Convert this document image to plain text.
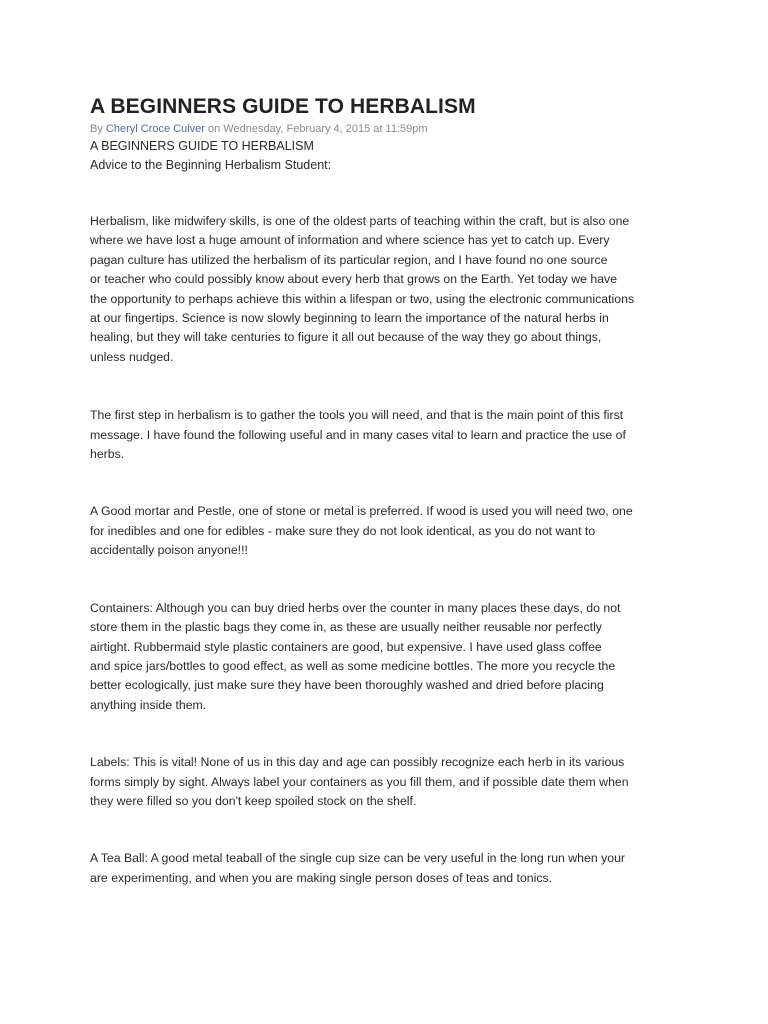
A BEGINNERS GUIDE TO HERBALISM
By Cheryl Croce Culver on Wednesday, February 4, 2015 at 11:59pm
A BEGINNERS GUIDE TO HERBALISM
Advice to the Beginning Herbalism Student:

Herbalism, like midwifery skills, is one of the oldest parts of teaching within the craft, but is also one
where we have lost a huge amount of information and where science has yet to catch up. Every
pagan culture has utilized the herbalism of its particular region, and I have found no one source
or teacher who could possibly know about every herb that grows on the Earth. Yet today we have
the opportunity to perhaps achieve this within a lifespan or two, using the electronic communications
at our fingertips. Science is now slowly beginning to learn the importance of the natural herbs in
healing, but they will take centuries to figure it all out because of the way they go about things,
unless nudged.

The first step in herbalism is to gather the tools you will need, and that is the main point of this first
message. I have found the following useful and in many cases vital to learn and practice the use of
herbs.

A Good mortar and Pestle, one of stone or metal is preferred. If wood is used you will need two, one
for inedibles and one for edibles - make sure they do not look identical, as you do not want to
accidentally poison anyone!!!

Containers: Although you can buy dried herbs over the counter in many places these days, do not
store them in the plastic bags they come in, as these are usually neither reusable nor perfectly
airtight. Rubbermaid style plastic containers are good, but expensive. I have used glass coffee
and spice jars/bottles to good effect, as well as some medicine bottles. The more you recycle the
better ecologically, just make sure they have been thoroughly washed and dried before placing
anything inside them.

Labels: This is vital! None of us in this day and age can possibly recognize each herb in its various
forms simply by sight. Always label your containers as you fill them, and if possible date them when
they were filled so you don't keep spoiled stock on the shelf.

A Tea Ball: A good metal teaball of the single cup size can be very useful in the long run when your
are experimenting, and when you are making single person doses of teas and tonics.
